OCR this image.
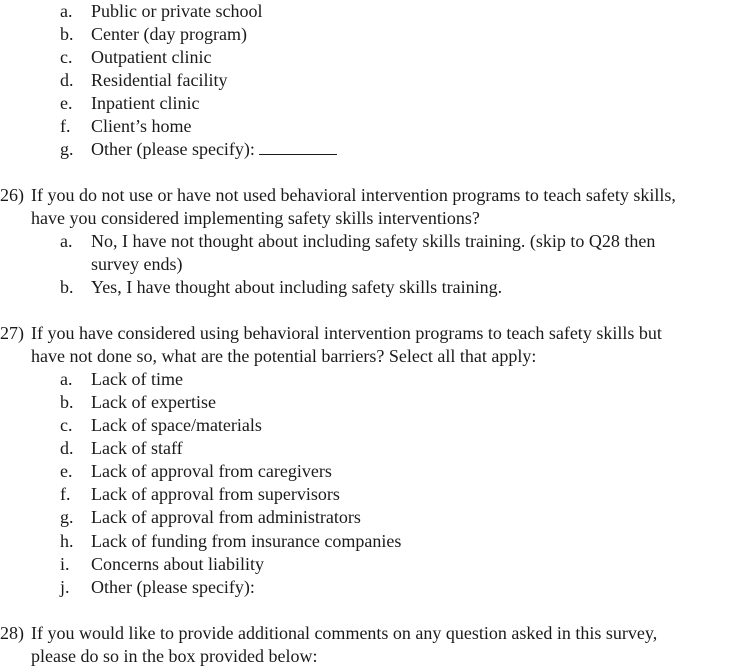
a. Public or private school
b. Center (day program)
c. Outpatient clinic
d. Residential facility
e. Inpatient clinic
f. Client’s home
g. Other (please specify):
26) If you do not use or have not used behavioral intervention programs to teach safety skills,
have you considered implementing safety skills interventions?
a. No, I have not thought about including safety skills training. (skip to Q28 then
survey ends)
b. Yes, I have thought about including safety skills training.
27) If you have considered using behavioral intervention programs to teach safety skills but
have not done so, what are the potential barriers? Select all that apply:
a. Lack of time
b. Lack of expertise
c. Lack of space/materials
d. Lack of staff
e. Lack of approval from caregivers
f. Lack of approval from supervisors
g. Lack of approval from administrators
h. Lack of funding from insurance companies
i. Concerns about liability
j. Other (please specify):
28) If you would like to provide additional comments on any question asked in this survey,
please do so in the box provided below:
